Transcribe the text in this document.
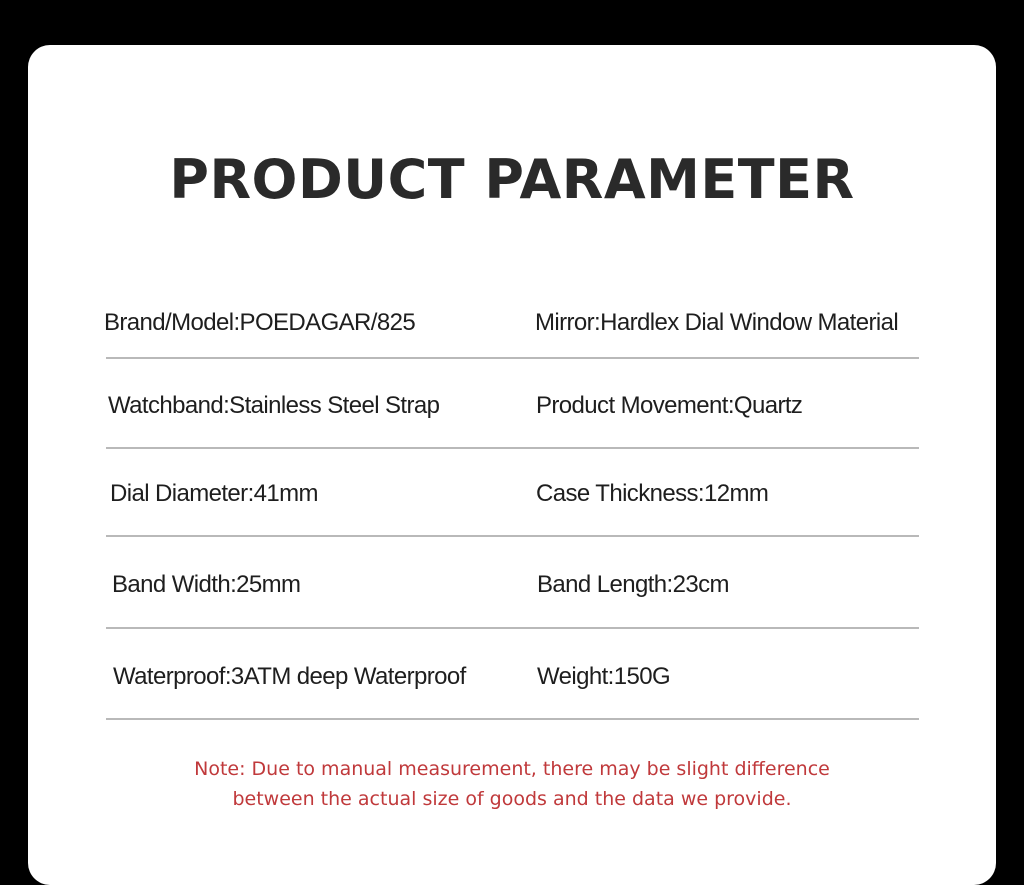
PRODUCT PARAMETER
Brand/Model:POEDAGAR/825	Mirror:Hardlex Dial Window Material
Watchband:Stainless Steel Strap	Product Movement:Quartz
Dial Diameter:41mm	Case Thickness:12mm
Band Width:25mm	Band Length:23cm
Waterproof:3ATM deep Waterproof	Weight:150G
Note: Due to manual measurement, there may be slight difference
between the actual size of goods and the data we provide.
